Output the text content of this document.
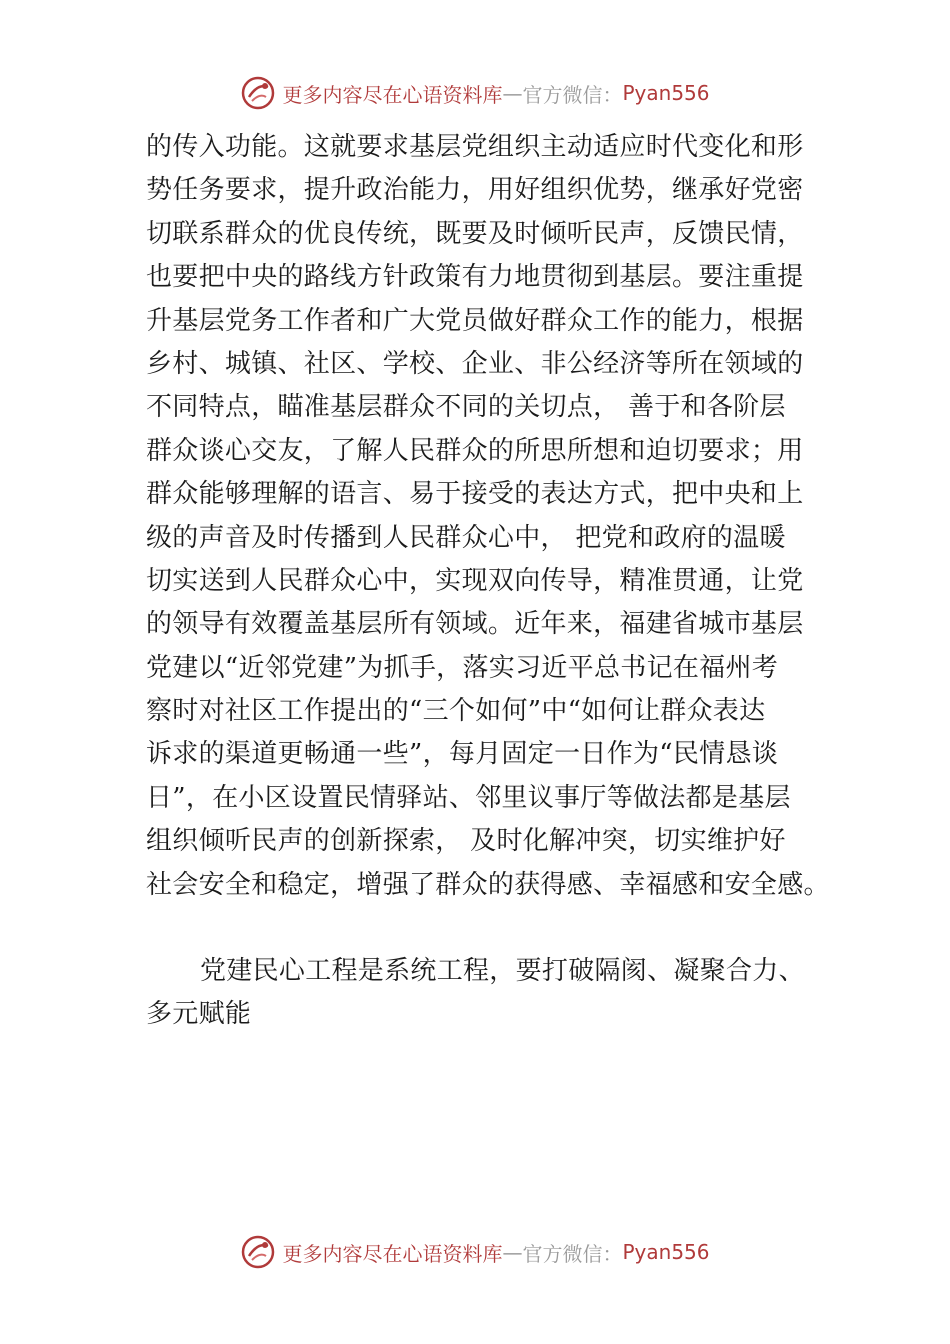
更多内容尽在心语资料库 — 官方微信： Pyan556
的传入功能。这就要求基层党组织主动适应时代变化和形
势任务要求，提升政治能力，用好组织优势，继承好党密
切联系群众的优良传统，既要及时倾听民声，反馈民情，
也要把中央的路线方针政策有力地贯彻到基层。要注重提
升基层党务工作者和广大党员做好群众工作的能力，根据
乡村、城镇、社区、学校、企业、非公经济等所在领域的
不同特点，瞄准基层群众不同的关切点， 善于和各阶层
群众谈心交友，了解人民群众的所思所想和迫切要求；用
群众能够理解的语言、易于接受的表达方式，把中央和上
级的声音及时传播到人民群众心中， 把党和政府的温暖
切实送到人民群众心中，实现双向传导，精准贯通，让党
的领导有效覆盖基层所有领域。近年来，福建省城市基层
党建以“近邻党建”为抓手，落实习近平总书记在福州考
察时对社区工作提出的“三个如何”中“如何让群众表达
诉求的渠道更畅通一些”，每月固定一日作为“民情恳谈
日”，在小区设置民情驿站、邻里议事厅等做法都是基层
组织倾听民声的创新探索， 及时化解冲突，切实维护好
社会安全和稳定，增强了群众的获得感、幸福感和安全感。
党建民心工程是系统工程，要打破隔阂、凝聚合力、
多元赋能
更多内容尽在心语资料库 — 官方微信： Pyan556
